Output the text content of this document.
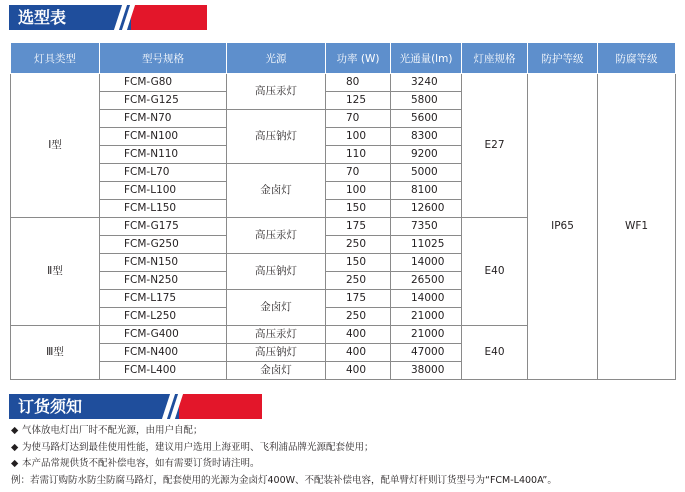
选型表
灯具类型	型号规格	光源	功率 (W)	光通量(lm)	灯座规格	防护等级	防腐等级
Ⅰ型	FCM-G80	高压汞灯	80	3240	E27	IP65	WF1
	FCM-G125		125	5800			
	FCM-N70	高压钠灯	70	5600			
	FCM-N100		100	8300			
	FCM-N110		110	9200			
	FCM-L70	金卤灯	70	5000			
	FCM-L100		100	8100			
	FCM-L150		150	12600			
Ⅱ型	FCM-G175	高压汞灯	175	7350	E40		
	FCM-G250		250	11025			
	FCM-N150	高压钠灯	150	14000			
	FCM-N250		250	26500			
	FCM-L175	金卤灯	175	14000			
	FCM-L250		250	21000			
Ⅲ型	FCM-G400	高压汞灯	400	21000	E40		
	FCM-N400	高压钠灯	400	47000			
	FCM-L400	金卤灯	400	38000			
订货须知
◆ 气体放电灯出厂时不配光源，由用户自配；
◆ 为使马路灯达到最佳使用性能，建议用户选用上海亚明、飞利浦品牌光源配套使用；
◆ 本产品常规供货不配补偿电容，如有需要订货时请注明。
例：若需订购防水防尘防腐马路灯，配套使用的光源为金卤灯400W、不配装补偿电容，配单臂灯杆则订货型号为“FCM-L400A”。
